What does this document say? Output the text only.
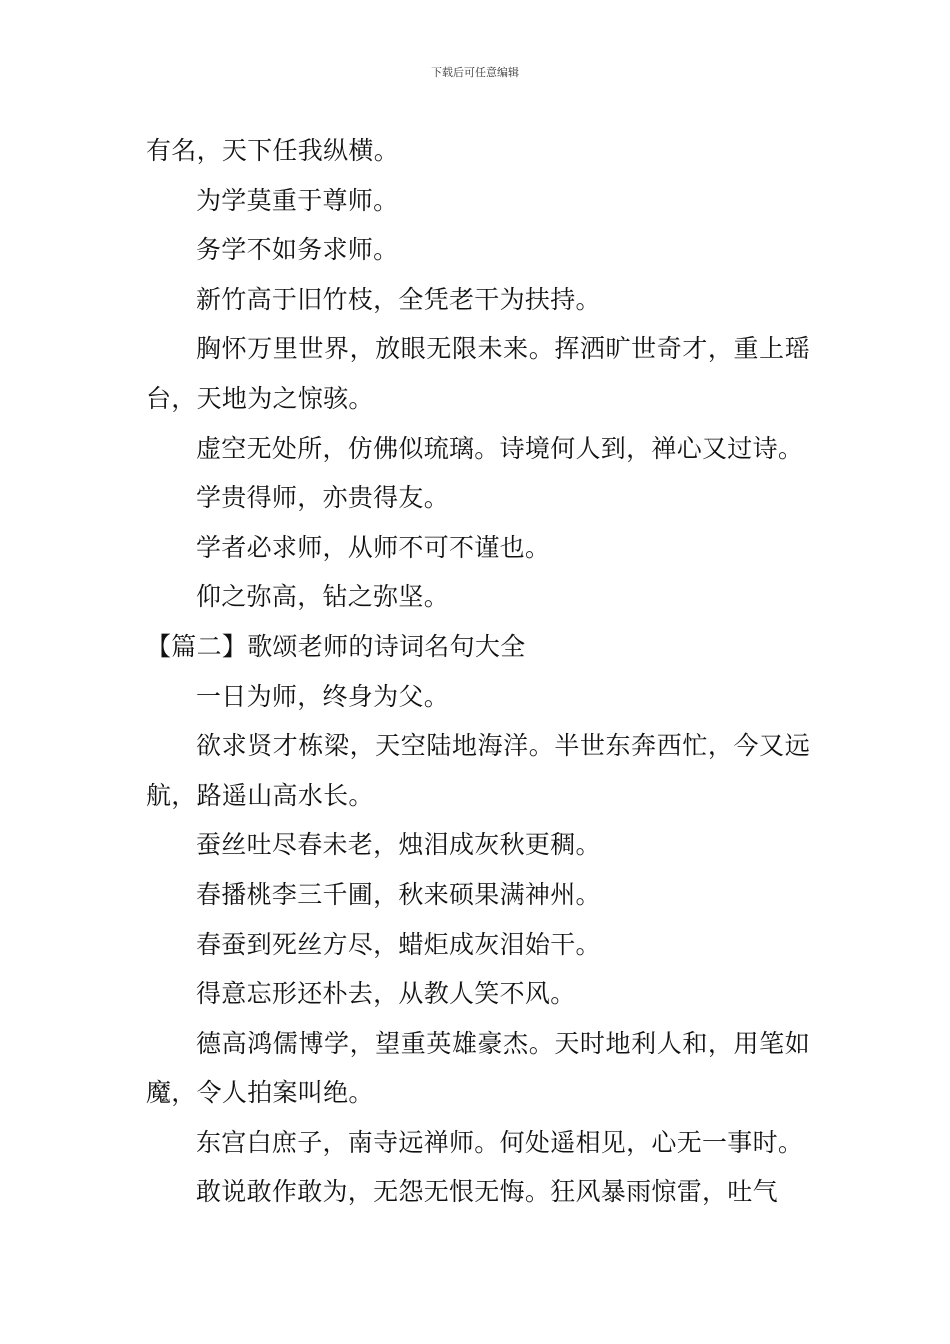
下载后可任意编辑

有名，天下任我纵横。

为学莫重于尊师。

务学不如务求师。

新竹高于旧竹枝，全凭老干为扶持。

胸怀万里世界，放眼无限未来。挥洒旷世奇才，重上瑶台，天地为之惊骇。

虚空无处所，仿佛似琉璃。诗境何人到，禅心又过诗。

学贵得师，亦贵得友。

学者必求师，从师不可不谨也。

仰之弥高，钻之弥坚。

【篇二】歌颂老师的诗词名句大全

一日为师，终身为父。

欲求贤才栋梁，天空陆地海洋。半世东奔西忙，今又远航，路遥山高水长。

蚕丝吐尽春未老，烛泪成灰秋更稠。

春播桃李三千圃，秋来硕果满神州。

春蚕到死丝方尽，蜡炬成灰泪始干。

得意忘形还朴去，从教人笑不风。

德高鸿儒博学，望重英雄豪杰。天时地利人和，用笔如魔，令人拍案叫绝。

东宫白庶子，南寺远禅师。何处遥相见，心无一事时。

敢说敢作敢为，无怨无恨无悔。狂风暴雨惊雷，吐气
